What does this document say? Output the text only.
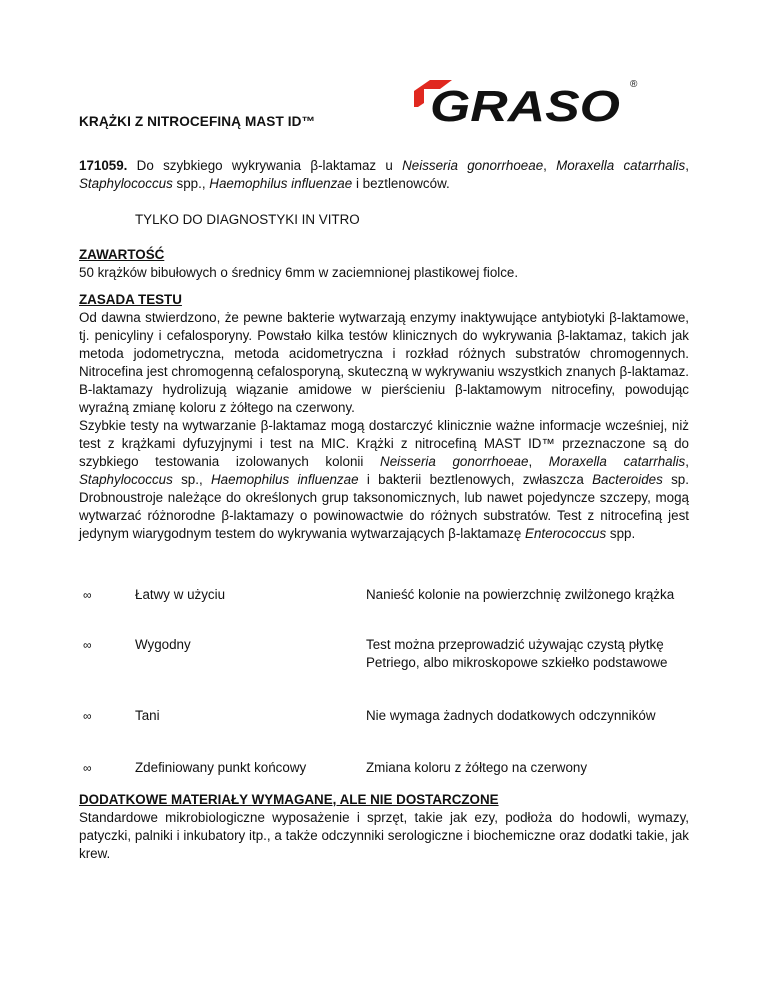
GRASO ®
KRĄŻKI Z NITROCEFINĄ MAST ID™
171059. Do szybkiego wykrywania β-laktamaz u Neisseria gonorrhoeae, Moraxella catarrhalis, Staphylococcus spp., Haemophilus influenzae i beztlenowców.
TYLKO DO DIAGNOSTYKI IN VITRO
ZAWARTOŚĆ
50 krążków bibułowych o średnicy 6mm w zaciemnionej plastikowej fiolce.
ZASADA TESTU
Od dawna stwierdzono, że pewne bakterie wytwarzają enzymy inaktywujące antybiotyki β-laktamowe, tj. penicyliny i cefalosporyny. Powstało kilka testów klinicznych do wykrywania β-laktamaz, takich jak metoda jodometryczna, metoda acidometryczna i rozkład różnych substratów chromogennych. Nitrocefina jest chromogenną cefalosporyną, skuteczną w wykrywaniu wszystkich znanych β-laktamaz. Β-laktamazy hydrolizują wiązanie amidowe w pierścieniu β-laktamowym nitrocefiny, powodując wyraźną zmianę koloru z żółtego na czerwony.
Szybkie testy na wytwarzanie β-laktamaz mogą dostarczyć klinicznie ważne informacje wcześniej, niż test z krążkami dyfuzyjnymi i test na MIC. Krążki z nitrocefiną MAST ID™ przeznaczone są do szybkiego testowania izolowanych kolonii Neisseria gonorrhoeae, Moraxella catarrhalis, Staphylococcus sp., Haemophilus influenzae i bakterii beztlenowych, zwłaszcza Bacteroides sp. Drobnoustroje należące do określonych grup taksonomicznych, lub nawet pojedyncze szczepy, mogą wytwarzać różnorodne β-laktamazy o powinowactwie do różnych substratów. Test z nitrocefiną jest jedynym wiarygodnym testem do wykrywania wytwarzających β-laktamazę Enterococcus spp.
∞	Łatwy w użyciu	Nanieść kolonie na powierzchnię zwilżonego krążka
∞	Wygodny	Test można przeprowadzić używając czystą płytkę Petriego, albo mikroskopowe szkiełko podstawowe
∞	Tani	Nie wymaga żadnych dodatkowych odczynników
∞	Zdefiniowany punkt końcowy	Zmiana koloru z żółtego na czerwony
DODATKOWE MATERIAŁY WYMAGANE, ALE NIE DOSTARCZONE
Standardowe mikrobiologiczne wyposażenie i sprzęt, takie jak ezy, podłoża do hodowli, wymazy, patyczki, palniki i inkubatory itp., a także odczynniki serologiczne i biochemiczne oraz dodatki takie, jak krew.
